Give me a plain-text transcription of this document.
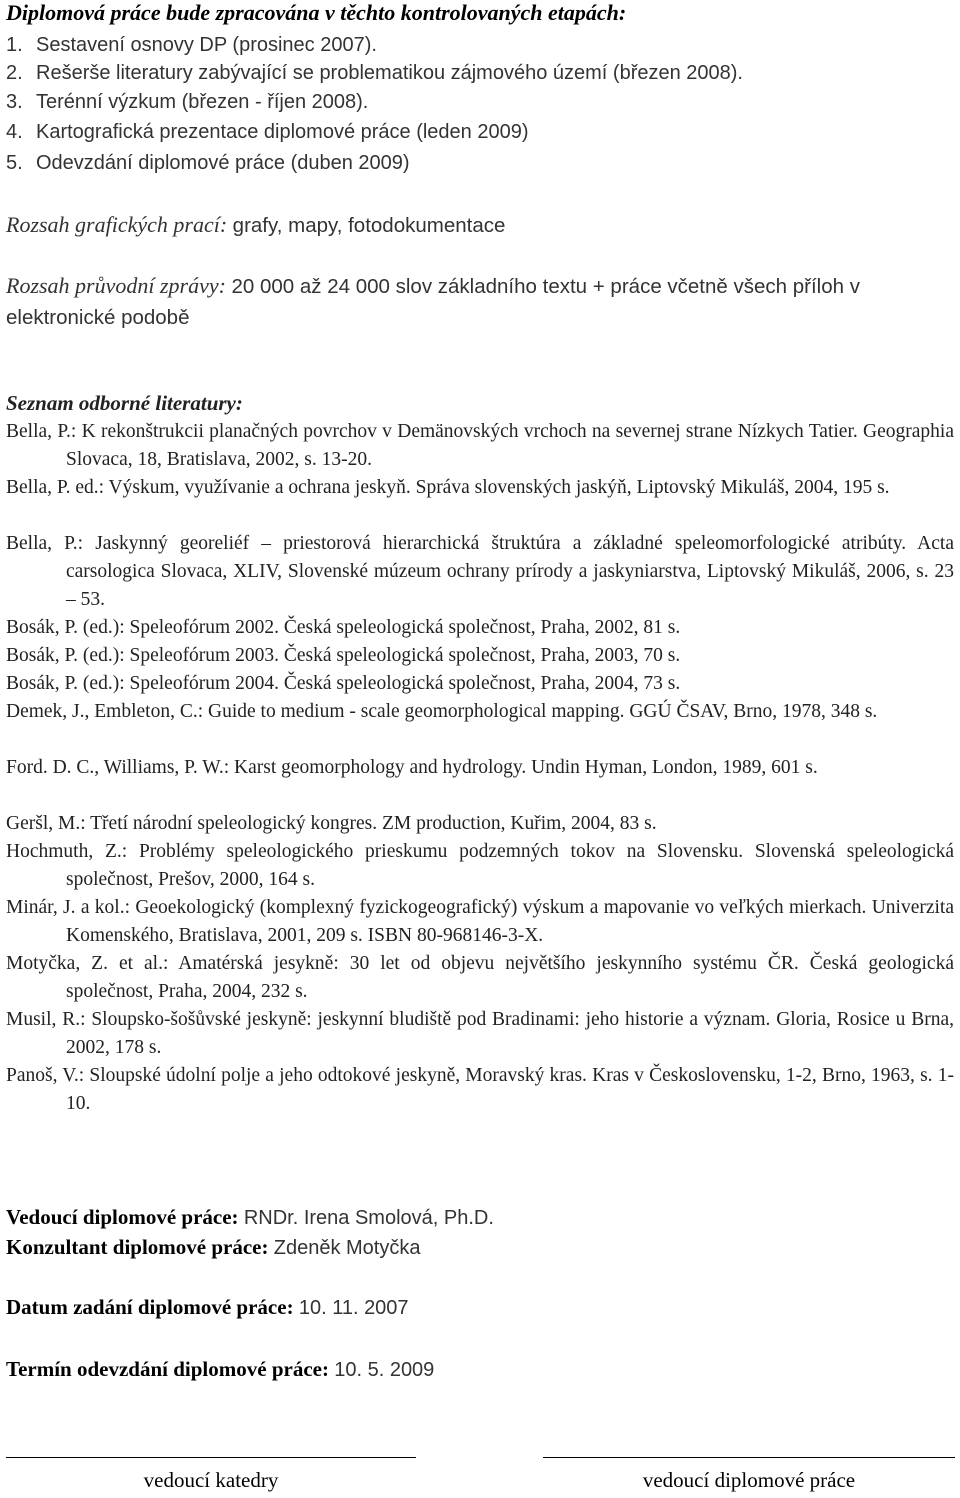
Diplomová práce bude zpracována v těchto kontrolovaných etapách:
1. Sestavení osnovy DP (prosinec 2007).
2. Rešerše literatury zabývající se problematikou zájmového území (březen 2008).
3. Terénní výzkum (březen - říjen 2008).
4. Kartografická prezentace diplomové práce (leden 2009)
5. Odevzdání diplomové práce (duben 2009)
Rozsah grafických prací: grafy, mapy, fotodokumentace
Rozsah průvodní zprávy: 20 000 až 24 000 slov základního textu + práce včetně všech příloh v elektronické podobě
Seznam odborné literatury:
Bella, P.: K rekonštrukcii planačných povrchov v Demänovských vrchoch na severnej strane Nízkych Tatier. Geographia Slovaca, 18, Bratislava, 2002, s. 13-20.
Bella, P. ed.: Výskum, využívanie a ochrana jeskyň. Správa slovenských jaskýň, Liptovský Mikuláš, 2004, 195 s.
Bella, P.: Jaskynný georeliéf – priestorová hierarchická štruktúra a základné speleomorfologické atribúty. Acta carsologica Slovaca, XLIV, Slovenské múzeum ochrany prírody a jaskyniarstva, Liptovský Mikuláš, 2006, s. 23 – 53.
Bosák, P. (ed.): Speleofórum 2002. Česká speleologická společnost, Praha, 2002, 81 s.
Bosák, P. (ed.): Speleofórum 2003. Česká speleologická společnost, Praha, 2003, 70 s.
Bosák, P. (ed.): Speleofórum 2004. Česká speleologická společnost, Praha, 2004, 73 s.
Demek, J., Embleton, C.: Guide to medium - scale geomorphological mapping. GGÚ ČSAV, Brno, 1978, 348 s.
Ford. D. C., Williams, P. W.: Karst geomorphology and hydrology. Undin Hyman, London, 1989, 601 s.
Geršl, M.: Třetí národní speleologický kongres. ZM production, Kuřim, 2004, 83 s.
Hochmuth, Z.: Problémy speleologického prieskumu podzemných tokov na Slovensku. Slovenská speleologická společnost, Prešov, 2000, 164 s.
Minár, J. a kol.: Geoekologický (komplexný fyzickogeografický) výskum a mapovanie vo veľkých mierkach. Univerzita Komenského, Bratislava, 2001, 209 s. ISBN 80-968146-3-X.
Motyčka, Z. et al.: Amatérská jesykně: 30 let od objevu největšího jeskynního systému ČR. Česká geologická společnost, Praha, 2004, 232 s.
Musil, R.: Sloupsko-šošůvské jeskyně: jeskynní bludiště pod Bradinami: jeho historie a význam. Gloria, Rosice u Brna, 2002, 178 s.
Panoš, V.: Sloupské údolní polje a jeho odtokové jeskyně, Moravský kras. Kras v Československu, 1-2, Brno, 1963, s. 1-10.
Vedoucí diplomové práce: RNDr. Irena Smolová, Ph.D.
Konzultant diplomové práce: Zdeněk Motyčka
Datum zadání diplomové práce: 10. 11. 2007
Termín odevzdání diplomové práce: 10. 5. 2009
vedoucí katedry	vedoucí diplomové práce
